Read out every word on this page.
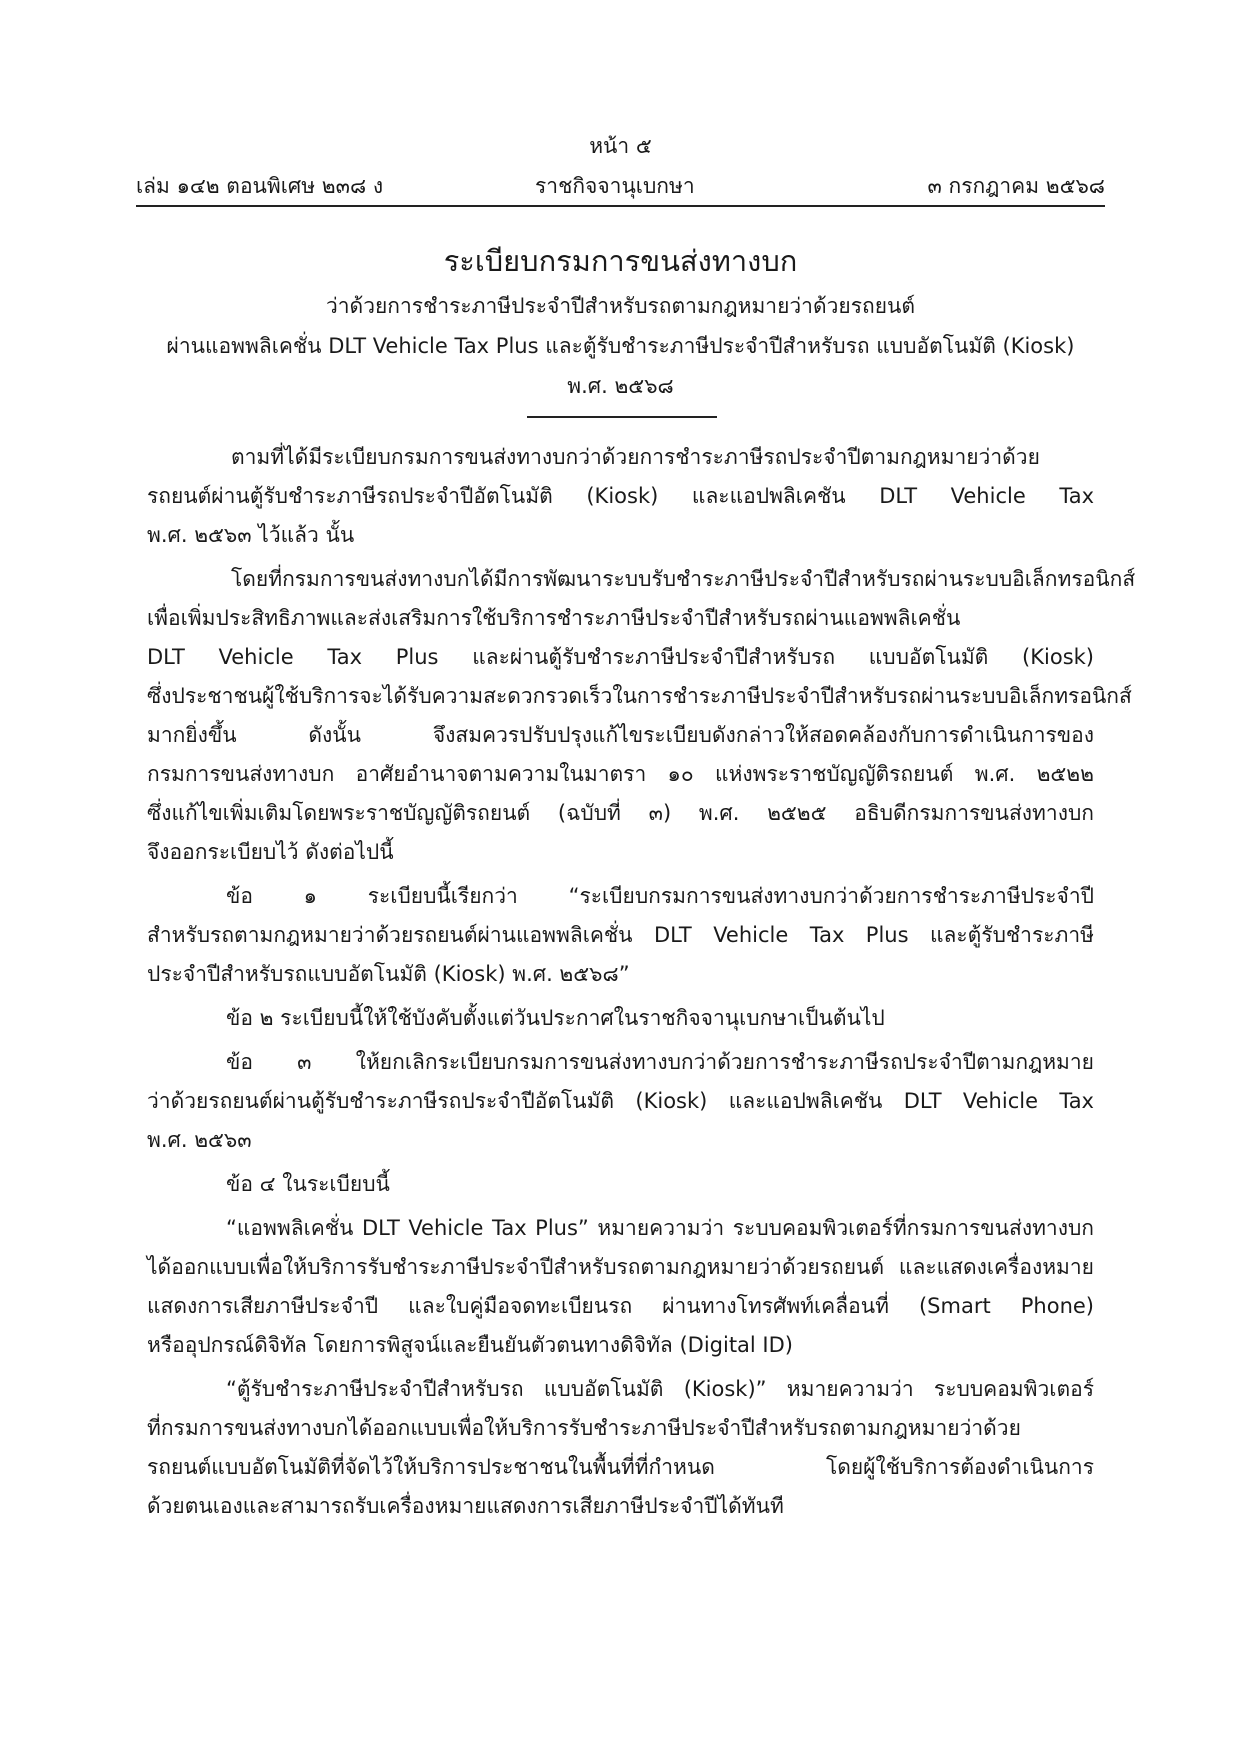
หน้า ๕
เล่ม ๑๔๒ ตอนพิเศษ ๒๓๘ ง	ราชกิจจานุเบกษา	๓ กรกฎาคม ๒๕๖๘
ระเบียบกรมการขนส่งทางบก
ว่าด้วยการชำระภาษีประจำปีสำหรับรถตามกฎหมายว่าด้วยรถยนต์
ผ่านแอพพลิเคชั่น DLT Vehicle Tax Plus และตู้รับชำระภาษีประจำปีสำหรับรถ แบบอัตโนมัติ (Kiosk)
พ.ศ. ๒๕๖๘
ตามที่ได้มีระเบียบกรมการขนส่งทางบกว่าด้วยการชำระภาษีรถประจำปีตามกฎหมายว่าด้วย
รถยนต์ผ่านตู้รับชำระภาษีรถประจำปีอัตโนมัติ (Kiosk) และแอปพลิเคชัน DLT Vehicle Tax
พ.ศ. ๒๕๖๓ ไว้แล้ว นั้น
โดยที่กรมการขนส่งทางบกได้มีการพัฒนาระบบรับชำระภาษีประจำปีสำหรับรถผ่านระบบอิเล็กทรอนิกส์
เพื่อเพิ่มประสิทธิภาพและส่งเสริมการใช้บริการชำระภาษีประจำปีสำหรับรถผ่านแอพพลิเคชั่น
DLT Vehicle Tax Plus และผ่านตู้รับชำระภาษีประจำปีสำหรับรถ แบบอัตโนมัติ (Kiosk)
ซึ่งประชาชนผู้ใช้บริการจะได้รับความสะดวกรวดเร็วในการชำระภาษีประจำปีสำหรับรถผ่านระบบอิเล็กทรอนิกส์
มากยิ่งขึ้น ดังนั้น จึงสมควรปรับปรุงแก้ไขระเบียบดังกล่าวให้สอดคล้องกับการดำเนินการของ
กรมการขนส่งทางบก อาศัยอำนาจตามความในมาตรา ๑๐ แห่งพระราชบัญญัติรถยนต์ พ.ศ. ๒๕๒๒
ซึ่งแก้ไขเพิ่มเติมโดยพระราชบัญญัติรถยนต์ (ฉบับที่ ๓) พ.ศ. ๒๕๒๕ อธิบดีกรมการขนส่งทางบก
จึงออกระเบียบไว้ ดังต่อไปนี้
ข้อ ๑ ระเบียบนี้เรียกว่า “ระเบียบกรมการขนส่งทางบกว่าด้วยการชำระภาษีประจำปี
สำหรับรถตามกฎหมายว่าด้วยรถยนต์ผ่านแอพพลิเคชั่น DLT Vehicle Tax Plus และตู้รับชำระภาษี
ประจำปีสำหรับรถแบบอัตโนมัติ (Kiosk) พ.ศ. ๒๕๖๘”
ข้อ ๒ ระเบียบนี้ให้ใช้บังคับตั้งแต่วันประกาศในราชกิจจานุเบกษาเป็นต้นไป
ข้อ ๓ ให้ยกเลิกระเบียบกรมการขนส่งทางบกว่าด้วยการชำระภาษีรถประจำปีตามกฎหมาย
ว่าด้วยรถยนต์ผ่านตู้รับชำระภาษีรถประจำปีอัตโนมัติ (Kiosk) และแอปพลิเคชัน DLT Vehicle Tax
พ.ศ. ๒๕๖๓
ข้อ ๔ ในระเบียบนี้
“แอพพลิเคชั่น DLT Vehicle Tax Plus” หมายความว่า ระบบคอมพิวเตอร์ที่กรมการขนส่งทางบก
ได้ออกแบบเพื่อให้บริการรับชำระภาษีประจำปีสำหรับรถตามกฎหมายว่าด้วยรถยนต์ และแสดงเครื่องหมาย
แสดงการเสียภาษีประจำปี และใบคู่มือจดทะเบียนรถ ผ่านทางโทรศัพท์เคลื่อนที่ (Smart Phone)
หรืออุปกรณ์ดิจิทัล โดยการพิสูจน์และยืนยันตัวตนทางดิจิทัล (Digital ID)
“ตู้รับชำระภาษีประจำปีสำหรับรถ แบบอัตโนมัติ (Kiosk)” หมายความว่า ระบบคอมพิวเตอร์
ที่กรมการขนส่งทางบกได้ออกแบบเพื่อให้บริการรับชำระภาษีประจำปีสำหรับรถตามกฎหมายว่าด้วย
รถยนต์แบบอัตโนมัติที่จัดไว้ให้บริการประชาชนในพื้นที่ที่กำหนด โดยผู้ใช้บริการต้องดำเนินการ
ด้วยตนเองและสามารถรับเครื่องหมายแสดงการเสียภาษีประจำปีได้ทันที
